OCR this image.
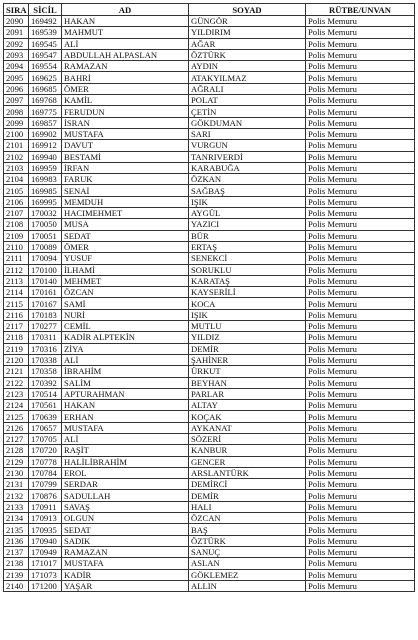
SIRA	SİCİL	AD	SOYAD	RÜTBE/UNVAN
2090	169492	HAKAN	GÜNGÖR	Polis Memuru
2091	169539	MAHMUT	YILDIRIM	Polis Memuru
2092	169545	ALİ	AĞAR	Polis Memuru
2093	169547	ABDULLAH ALPASLAN	ÖZTÜRK	Polis Memuru
2094	169554	RAMAZAN	AYDIN	Polis Memuru
2095	169625	BAHRİ	ATAKYILMAZ	Polis Memuru
2096	169685	ÖMER	AĞRALI	Polis Memuru
2097	169768	KAMİL	POLAT	Polis Memuru
2098	169775	FERUDUN	ÇETİN	Polis Memuru
2099	169857	İSRAN	GÖKDUMAN	Polis Memuru
2100	169902	MUSTAFA	SARI	Polis Memuru
2101	169912	DAVUT	VURGUN	Polis Memuru
2102	169940	BESTAMİ	TANRIVERDİ	Polis Memuru
2103	169959	İRFAN	KARABUĞA	Polis Memuru
2104	169983	FARUK	ÖZKAN	Polis Memuru
2105	169985	SENAİ	SAĞBAŞ	Polis Memuru
2106	169995	MEMDUH	IŞIK	Polis Memuru
2107	170032	HACIMEHMET	AYGÜL	Polis Memuru
2108	170050	MUSA	YAZICI	Polis Memuru
2109	170051	SEDAT	BÜR	Polis Memuru
2110	170089	ÖMER	ERTAŞ	Polis Memuru
2111	170094	YUSUF	SENEKCİ	Polis Memuru
2112	170100	İLHAMİ	SORUKLU	Polis Memuru
2113	170140	MEHMET	KARATAŞ	Polis Memuru
2114	170161	ÖZCAN	KAYSERİLİ	Polis Memuru
2115	170167	SAMİ	KOCA	Polis Memuru
2116	170183	NURİ	IŞIK	Polis Memuru
2117	170277	CEMİL	MUTLU	Polis Memuru
2118	170311	KADİR ALPTEKİN	YILDIZ	Polis Memuru
2119	170316	ZİYA	DEMİR	Polis Memuru
2120	170338	ALİ	ŞAHİNER	Polis Memuru
2121	170358	İBRAHİM	ÜRKUT	Polis Memuru
2122	170392	SALİM	BEYHAN	Polis Memuru
2123	170514	APTURAHMAN	PARLAR	Polis Memuru
2124	170561	HAKAN	ALTAY	Polis Memuru
2125	170639	ERHAN	KOÇAK	Polis Memuru
2126	170657	MUSTAFA	AYKANAT	Polis Memuru
2127	170705	ALİ	SÖZERİ	Polis Memuru
2128	170720	RAŞİT	KANBUR	Polis Memuru
2129	170778	HALİLİBRAHİM	GENCER	Polis Memuru
2130	170784	EROL	ARSLANTÜRK	Polis Memuru
2131	170799	SERDAR	DEMİRCİ	Polis Memuru
2132	170876	SADULLAH	DEMİR	Polis Memuru
2133	170911	SAVAŞ	HALI	Polis Memuru
2134	170913	OLGUN	ÖZCAN	Polis Memuru
2135	170935	SEDAT	BAŞ	Polis Memuru
2136	170940	SADIK	ÖZTÜRK	Polis Memuru
2137	170949	RAMAZAN	SANUÇ	Polis Memuru
2138	171017	MUSTAFA	ASLAN	Polis Memuru
2139	171073	KADİR	GÖKLEMEZ	Polis Memuru
2140	171200	YAŞAR	ALLIN	Polis Memuru
